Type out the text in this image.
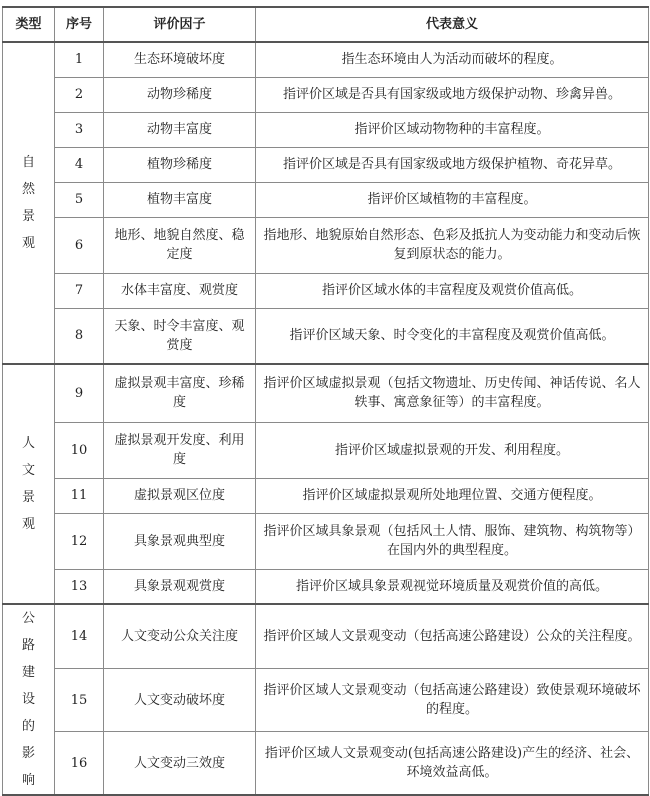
类型	序号	评价因子	代表意义

自然景观	1	生态环境破坏度	指生态环境由人为活动而破坏的程度。
	2	动物珍稀度	指评价区域是否具有国家级或地方级保护动物、珍禽异兽。
	3	动物丰富度	指评价区域动物物种的丰富程度。
	4	植物珍稀度	指评价区域是否具有国家级或地方级保护植物、奇花异草。
	5	植物丰富度	指评价区域植物的丰富程度。
	6	地形、地貌自然度、稳定度	指地形、地貌原始自然形态、色彩及抵抗人为变动能力和变动后恢复到原状态的能力。
	7	水体丰富度、观赏度	指评价区域水体的丰富程度及观赏价值高低。
	8	天象、时令丰富度、观赏度	指评价区域天象、时令变化的丰富程度及观赏价值高低。

人文景观	9	虚拟景观丰富度、珍稀度	指评价区域虚拟景观（包括文物遗址、历史传闻、神话传说、名人轶事、寓意象征等）的丰富程度。
	10	虚拟景观开发度、利用度	指评价区域虚拟景观的开发、利用程度。
	11	虚拟景观区位度	指评价区域虚拟景观所处地理位置、交通方便程度。
	12	具象景观典型度	指评价区域具象景观（包括风土人情、服饰、建筑物、构筑物等）在国内外的典型程度。
	13	具象景观观赏度	指评价区域具象景观视觉环境质量及观赏价值的高低。

公路建设的影响	14	人文变动公众关注度	指评价区域人文景观变动（包括高速公路建设）公众的关注程度。
	15	人文变动破坏度	指评价区域人文景观变动（包括高速公路建设）致使景观环境破坏的程度。
	16	人文变动三效度	指评价区域人文景观变动(包括高速公路建设)产生的经济、社会、环境效益高低。
